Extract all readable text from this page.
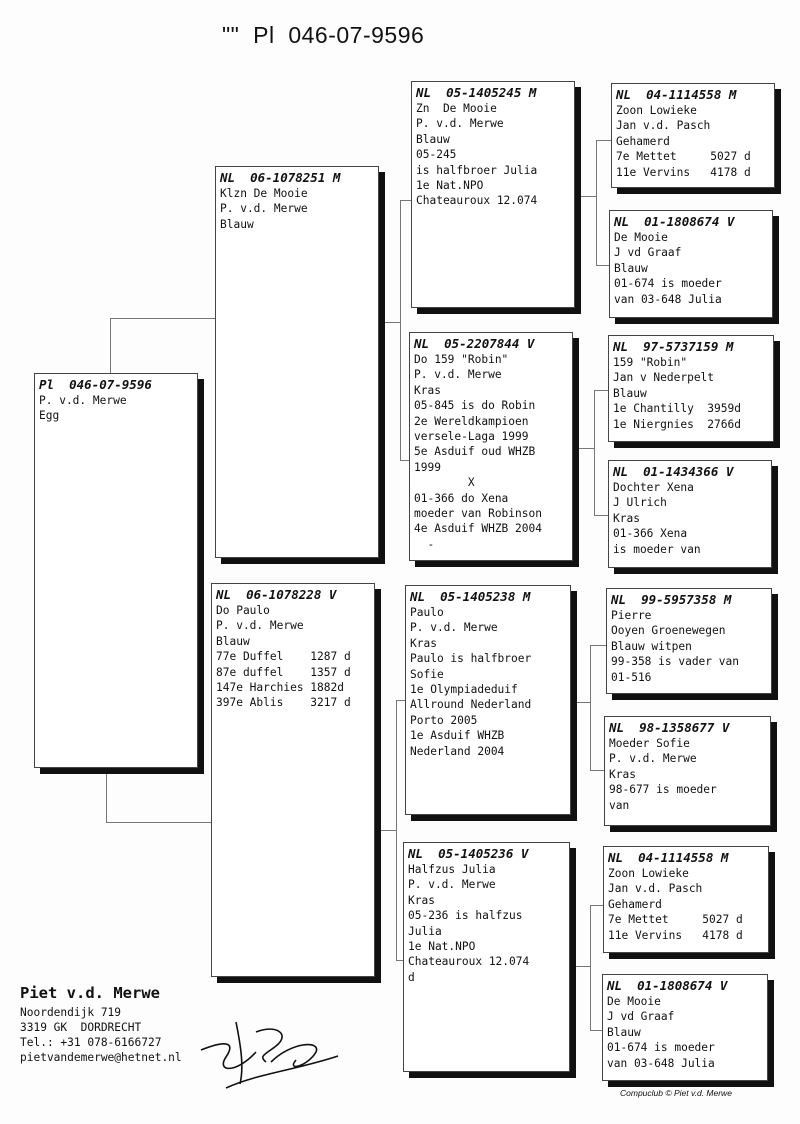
""  Pl  046-07-9596
Pl  046-07-9596
P. v.d. Merwe
Egg
NL  06-1078251 M
Klzn De Mooie
P. v.d. Merwe
Blauw
NL  06-1078228 V
Do Paulo
P. v.d. Merwe
Blauw
77e Duffel    1287 d
87e duffel    1357 d
147e Harchies 1882d
397e Ablis    3217 d
NL  05-1405245 M
Zn  De Mooie
P. v.d. Merwe
Blauw
05-245
is halfbroer Julia
1e Nat.NPO
Chateauroux 12.074
NL  05-2207844 V
Do 159 "Robin"
P. v.d. Merwe
Kras
05-845 is do Robin
2e Wereldkampioen
versele-Laga 1999
5e Asduif oud WHZB
1999
X
01-366 do Xena
moeder van Robinson
4e Asduif WHZB 2004
-
NL  05-1405238 M
Paulo
P. v.d. Merwe
Kras
Paulo is halfbroer
Sofie
1e Olympiadeduif
Allround Nederland
Porto 2005
1e Asduif WHZB
Nederland 2004
NL  05-1405236 V
Halfzus Julia
P. v.d. Merwe
Kras
05-236 is halfzus
Julia
1e Nat.NPO
Chateauroux 12.074
d
NL  04-1114558 M
Zoon Lowieke
Jan v.d. Pasch
Gehamerd
7e Mettet     5027 d
11e Vervins   4178 d
NL  01-1808674 V
De Mooie
J vd Graaf
Blauw
01-674 is moeder
van 03-648 Julia
NL  97-5737159 M
159 "Robin"
Jan v Nederpelt
Blauw
1e Chantilly  3959d
1e Niergnies  2766d
NL  01-1434366 V
Dochter Xena
J Ulrich
Kras
01-366 Xena
is moeder van
NL  99-5957358 M
Pierre
Ooyen Groenewegen
Blauw witpen
99-358 is vader van
01-516
NL  98-1358677 V
Moeder Sofie
P. v.d. Merwe
Kras
98-677 is moeder
van
NL  04-1114558 M
Zoon Lowieke
Jan v.d. Pasch
Gehamerd
7e Mettet     5027 d
11e Vervins   4178 d
NL  01-1808674 V
De Mooie
J vd Graaf
Blauw
01-674 is moeder
van 03-648 Julia
Piet v.d. Merwe
Noordendijk 719
3319 GK  DORDRECHT
Tel.: +31 078-6166727
pietvandemerwe@hetnet.nl
Compuclub © Piet v.d. Merwe
